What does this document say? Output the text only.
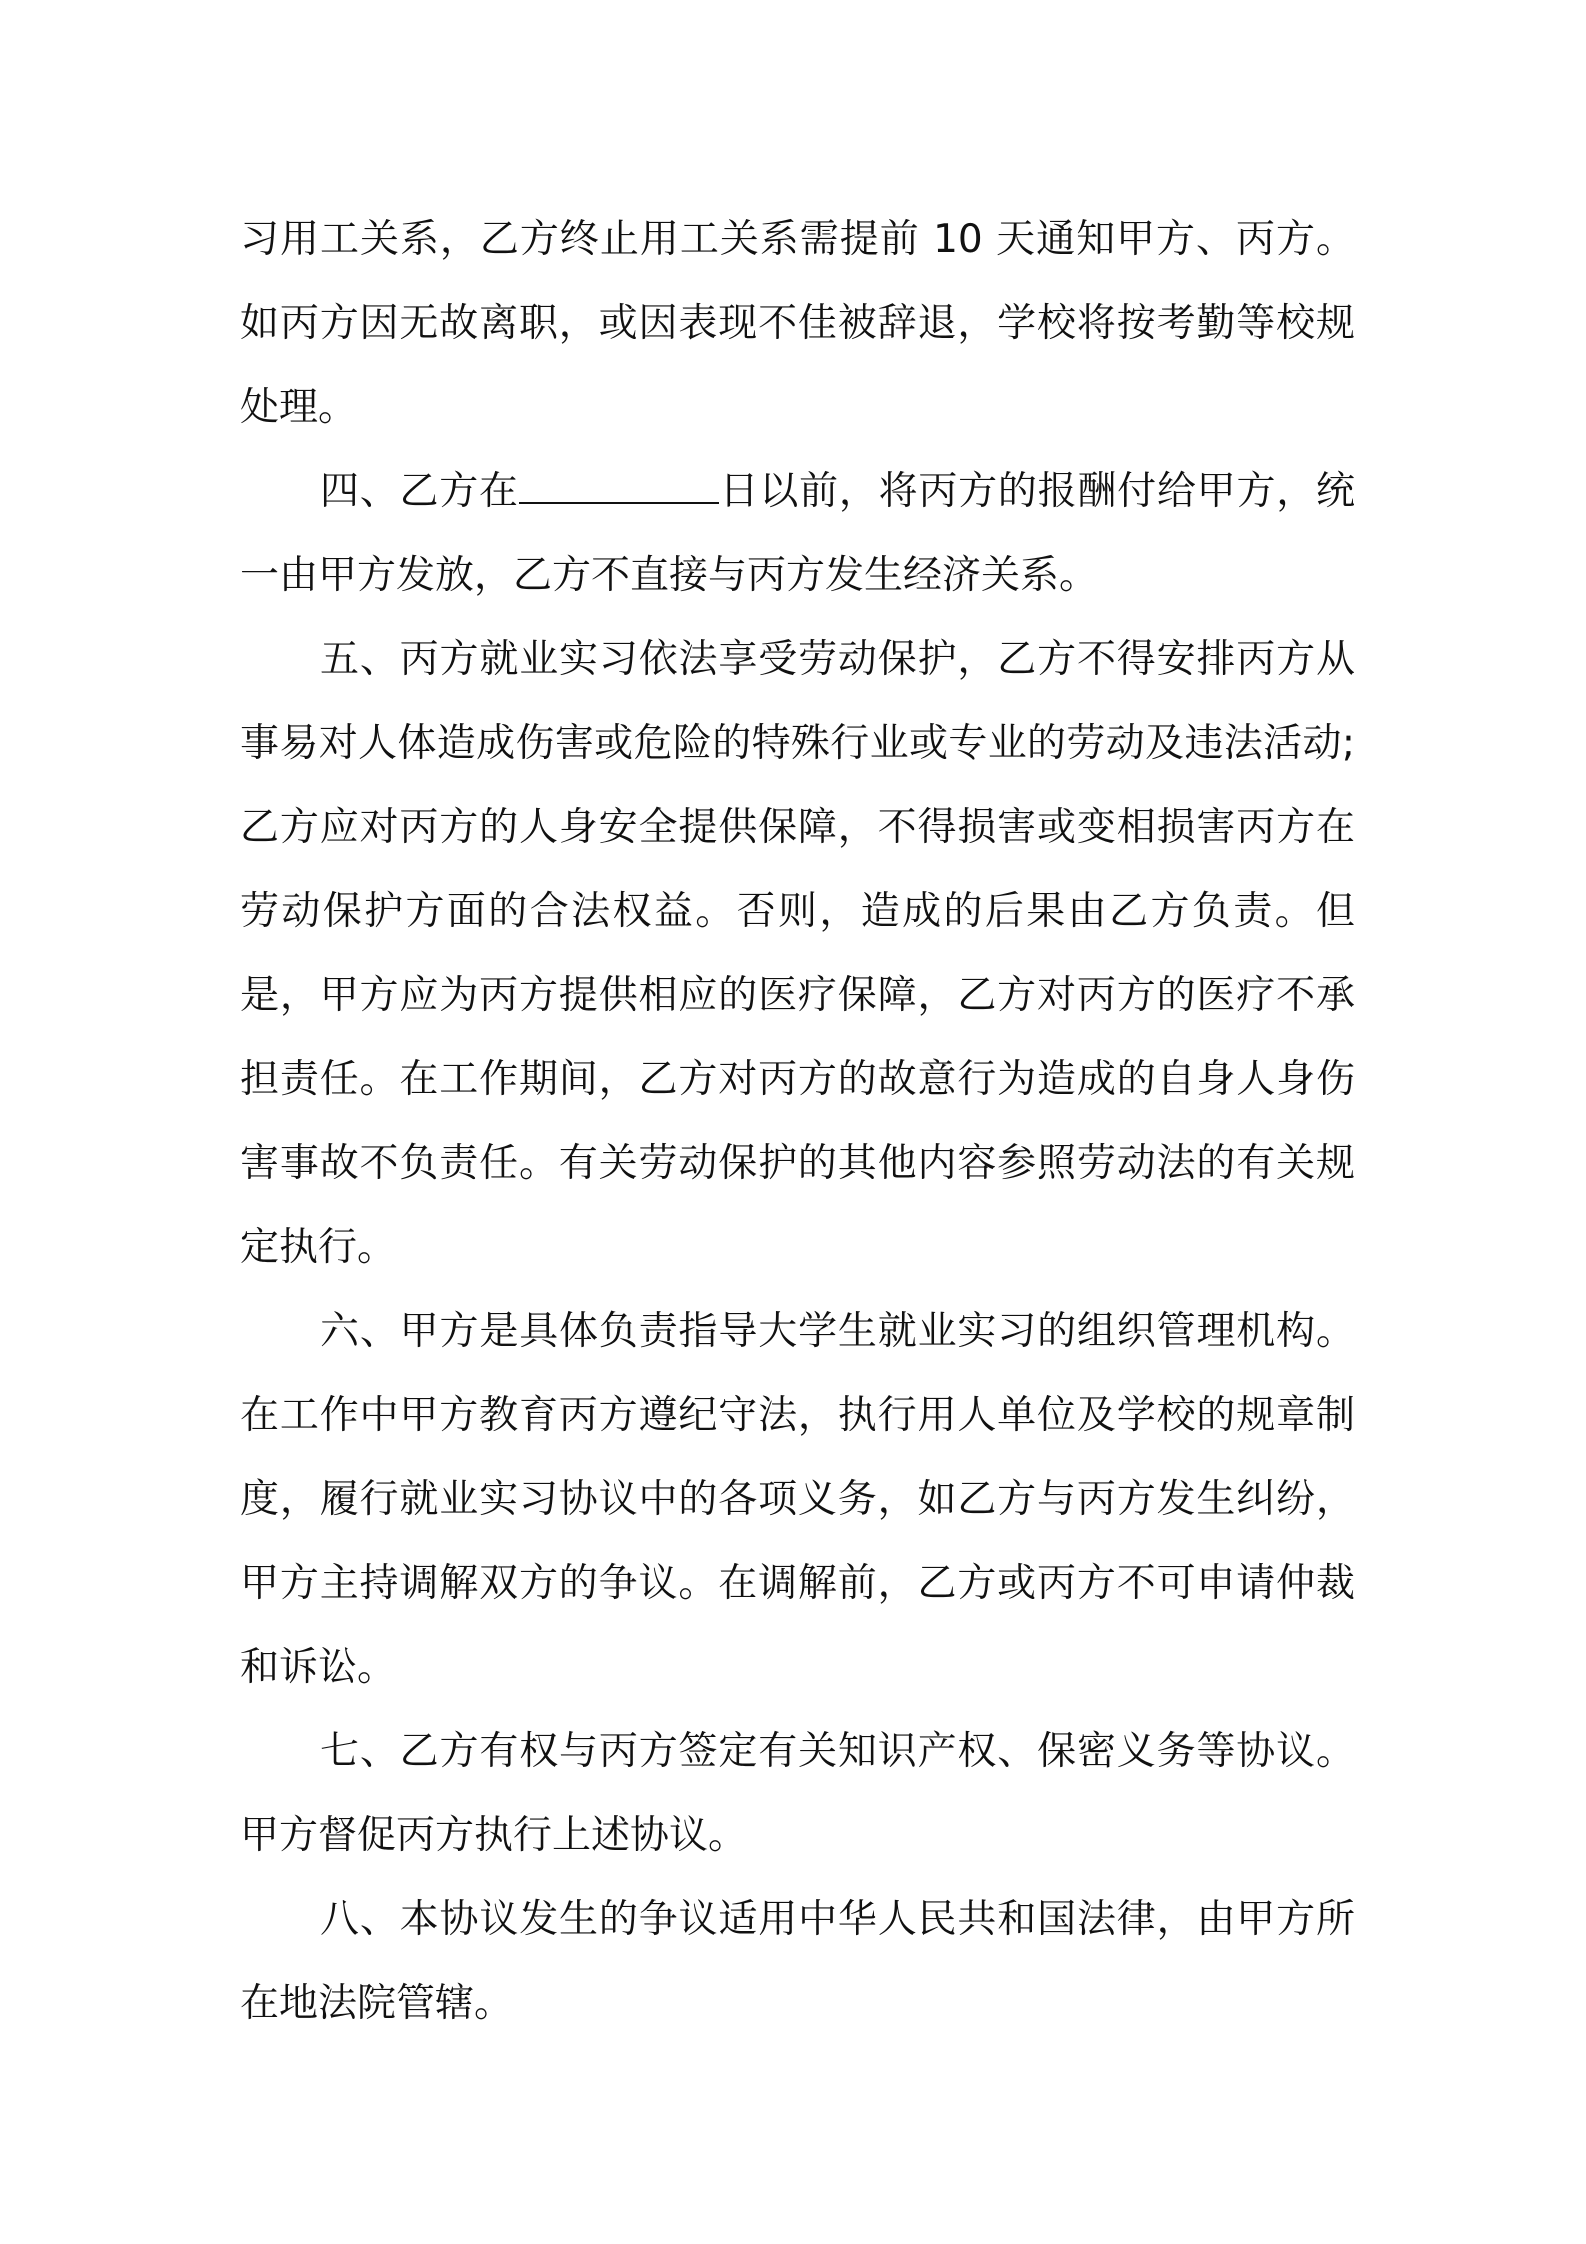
习用工关系，乙方终止用工关系需提前 10 天通知甲方、丙方。如丙方因无故离职，或因表现不佳被辞退，学校将按考勤等校规处理。

四、乙方在	日以前，将丙方的报酬付给甲方，统一由甲方发放，乙方不直接与丙方发生经济关系。

五、丙方就业实习依法享受劳动保护，乙方不得安排丙方从事易对人体造成伤害或危险的特殊行业或专业的劳动及违法活动;乙方应对丙方的人身安全提供保障，不得损害或变相损害丙方在劳动保护方面的合法权益。否则，造成的后果由乙方负责。但是，甲方应为丙方提供相应的医疗保障，乙方对丙方的医疗不承担责任。在工作期间，乙方对丙方的故意行为造成的自身人身伤害事故不负责任。有关劳动保护的其他内容参照劳动法的有关规定执行。

六、甲方是具体负责指导大学生就业实习的组织管理机构。在工作中甲方教育丙方遵纪守法，执行用人单位及学校的规章制度，履行就业实习协议中的各项义务，如乙方与丙方发生纠纷，甲方主持调解双方的争议。在调解前，乙方或丙方不可申请仲裁和诉讼。

七、乙方有权与丙方签定有关知识产权、保密义务等协议。甲方督促丙方执行上述协议。

八、本协议发生的争议适用中华人民共和国法律，由甲方所在地法院管辖。
